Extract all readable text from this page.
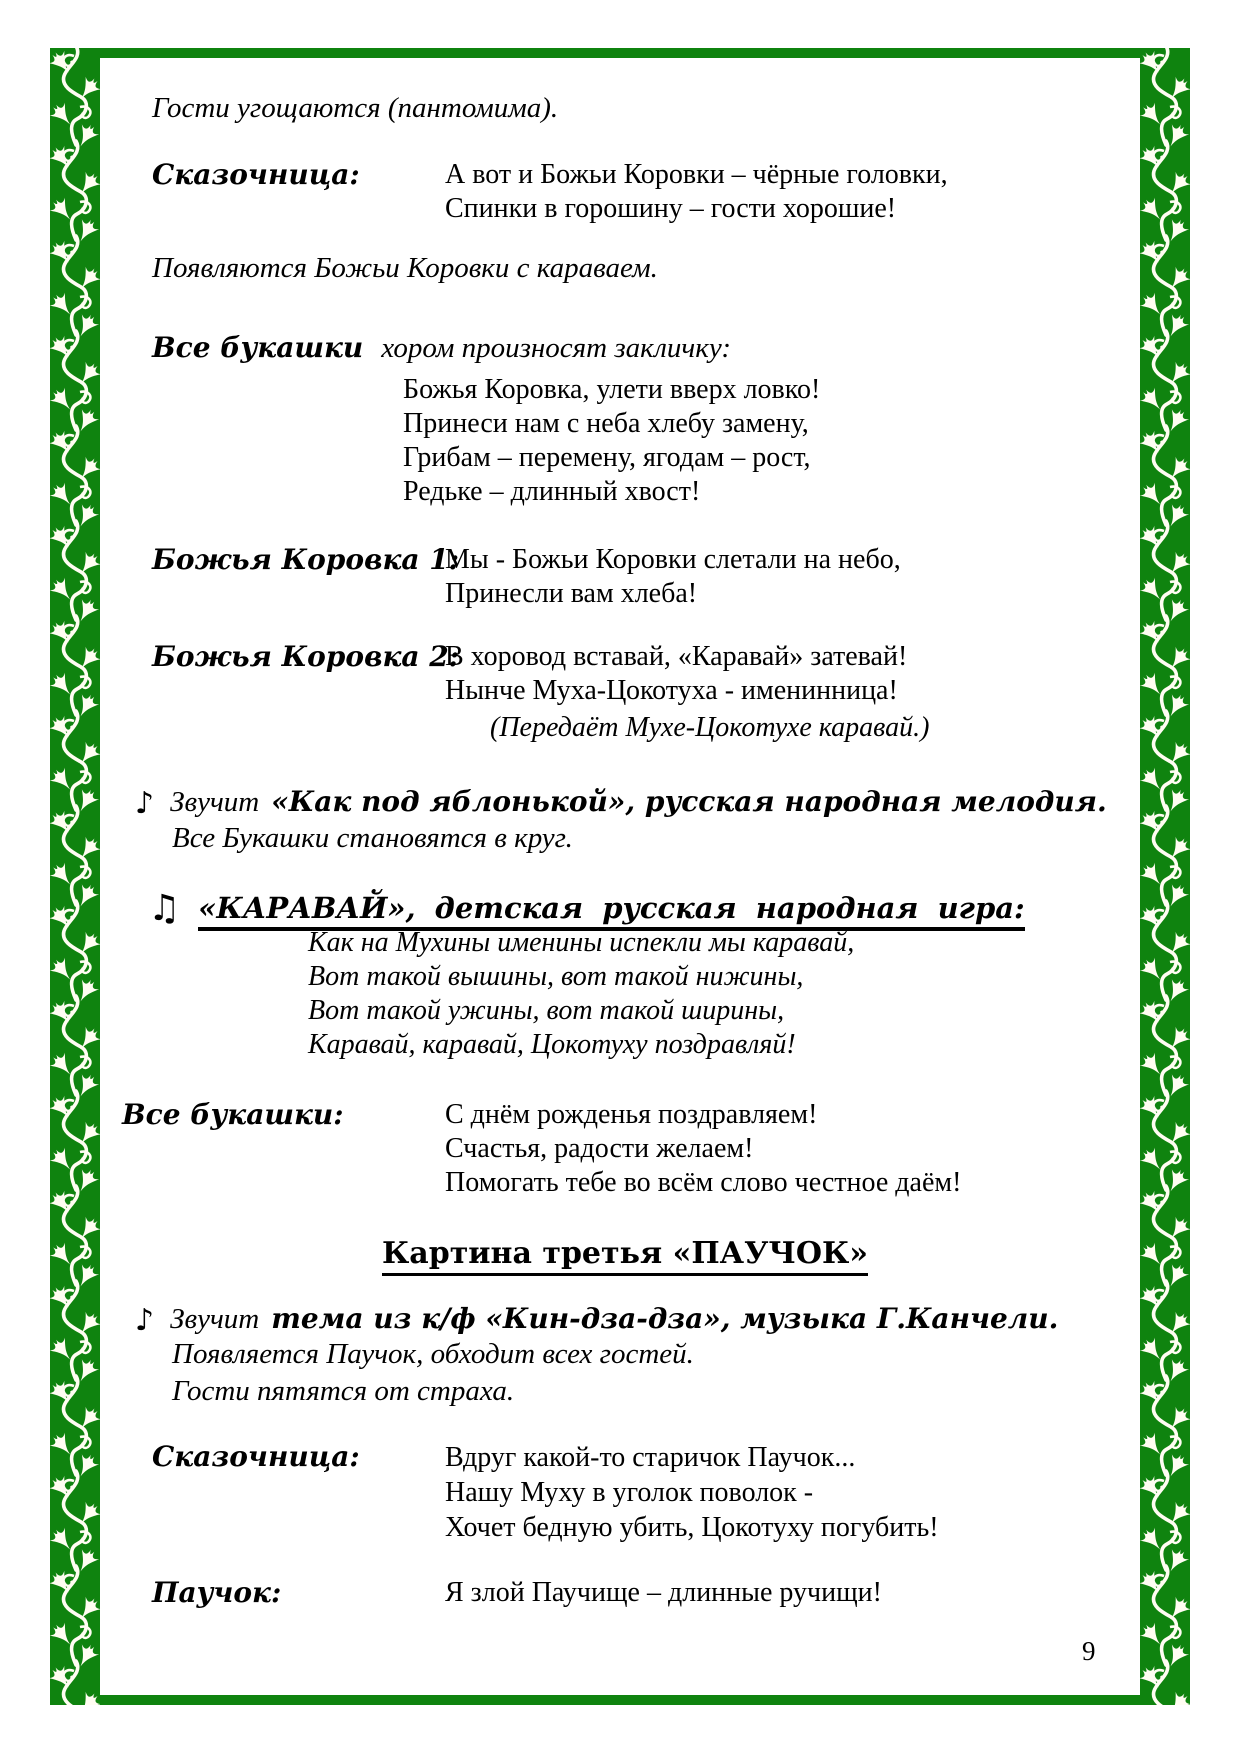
Гости угощаются (пантомима).
Сказочница:	А вот и Божьи Коровки – чёрные головки,
Спинки в горошину – гости хорошие!
Появляются Божьи Коровки с караваем.
Все букашки хором произносят закличку:
Божья Коровка, улети вверх ловко!
Принеси нам с неба хлебу замену,
Грибам – перемену, ягодам – рост,
Редьке – длинный хвост!
Божья Коровка 1:
Мы - Божьи Коровки слетали на небо,
Принесли вам хлеба!
Божья Коровка 2:
В хоровод вставай, «Каравай» затевай!
Нынче Муха-Цокотуха - именинница!
(Передаёт Мухе-Цокотухе каравай.)
♪ Звучит «Как под яблонькой», русская народная мелодия.
Все Букашки становятся в круг.
♫ «КАРАВАЙ», детская русская народная игра:
Как на Мухины именины испекли мы каравай,
Вот такой вышины, вот такой нижины,
Вот такой ужины, вот такой ширины,
Каравай, каравай, Цокотуху поздравляй!
Все букашки:	С днём рожденья поздравляем!
Счастья, радости желаем!
Помогать тебе во всём слово честное даём!
Картина третья «ПАУЧОК»
♪ Звучит тема из к/ф «Кин-дза-дза», музыка Г.Канчели.
Появляется Паучок, обходит всех гостей.
Гости пятятся от страха.
Сказочница:	Вдруг какой-то старичок Паучок...
Нашу Муху в уголок поволок -
Хочет бедную убить, Цокотуху погубить!
Паучок:	Я злой Паучище – длинные ручищи!
9
